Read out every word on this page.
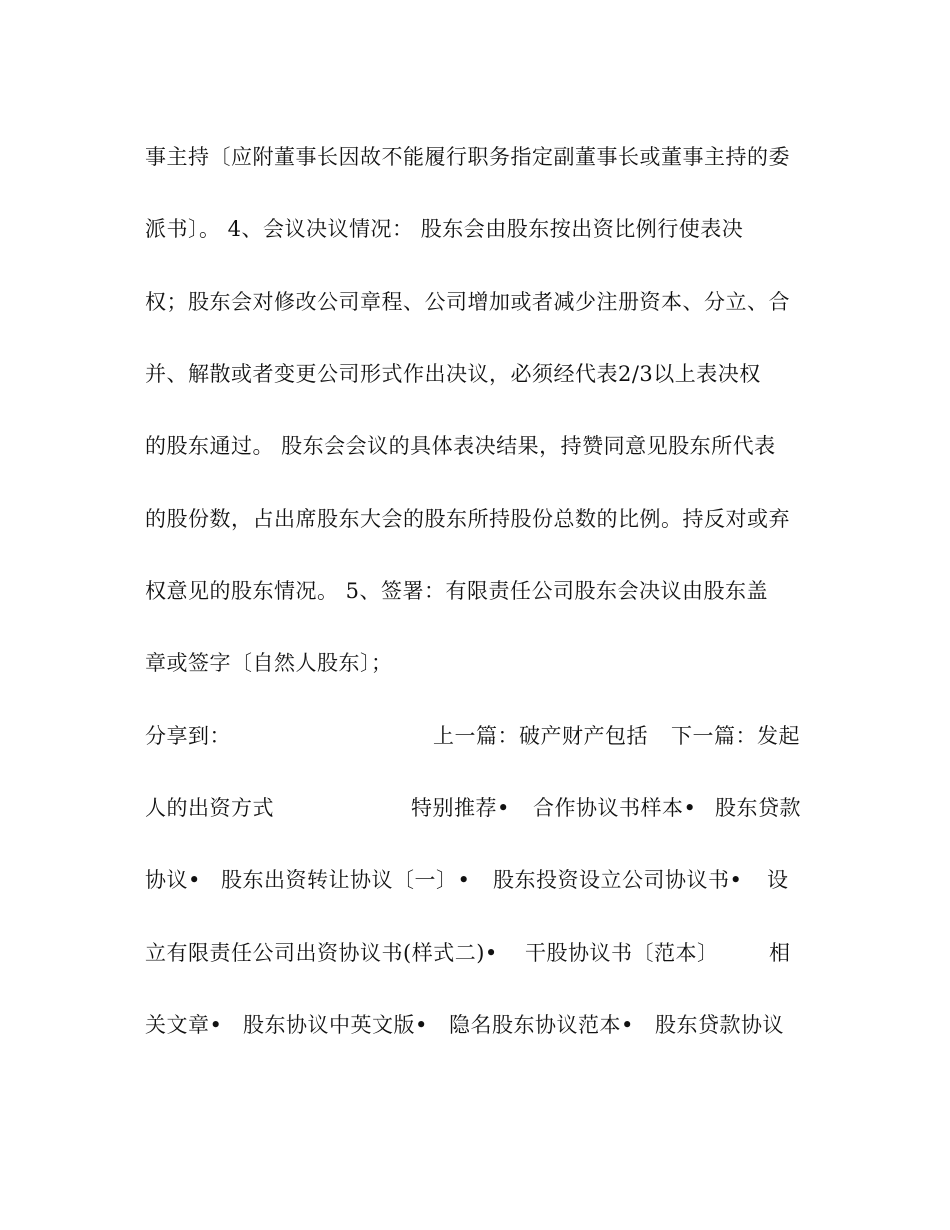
事主持〔应附董事长因故不能履行职务指定副董事长或董事主持的委
派书〕。 4、会议决议情况： 股东会由股东按出资比例行使表决
权；股东会对修改公司章程、公司增加或者减少注册资本、分立、合
并、解散或者变更公司形式作出决议，必须经代表2/3以上表决权
的股东通过。 股东会会议的具体表决结果，持赞同意见股东所代表
的股份数，占出席股东大会的股东所持股份总数的比例。持反对或弃
权意见的股东情况。 5、签署：有限责任公司股东会决议由股东盖
章或签字〔自然人股东〕；
分享到：	上一篇：破产财产包括 下一篇：发起
人的出资方式	特别推荐• 合作协议书样本• 股东贷款
协议• 股东出资转让协议〔一〕• 股东投资设立公司协议书• 设
立有限责任公司出资协议书(样式二)• 干股协议书〔范本〕 相
关文章• 股东协议中英文版• 隐名股东协议范本• 股东贷款协议
